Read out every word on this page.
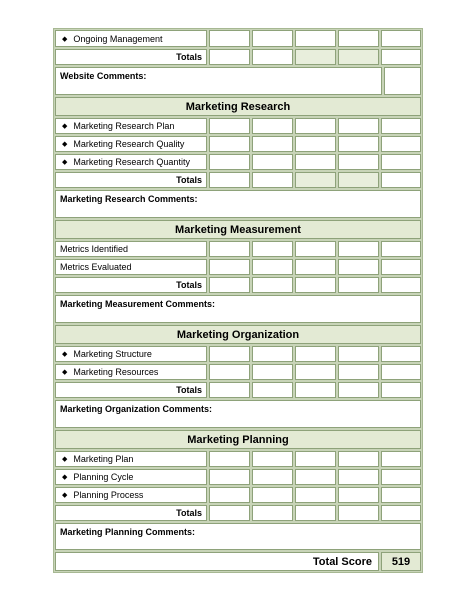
◆ Ongoing Management
Totals
Website Comments:
Marketing Research
◆ Marketing Research Plan
◆ Marketing Research Quality
◆ Marketing Research Quantity
Totals
Marketing Research Comments:
Marketing Measurement
Metrics Identified
Metrics Evaluated
Totals
Marketing Measurement Comments:
Marketing Organization
◆ Marketing Structure
◆ Marketing Resources
Totals
Marketing Organization Comments:
Marketing Planning
◆ Marketing Plan
◆ Planning Cycle
◆ Planning Process
Totals
Marketing Planning Comments:
Total Score	519
